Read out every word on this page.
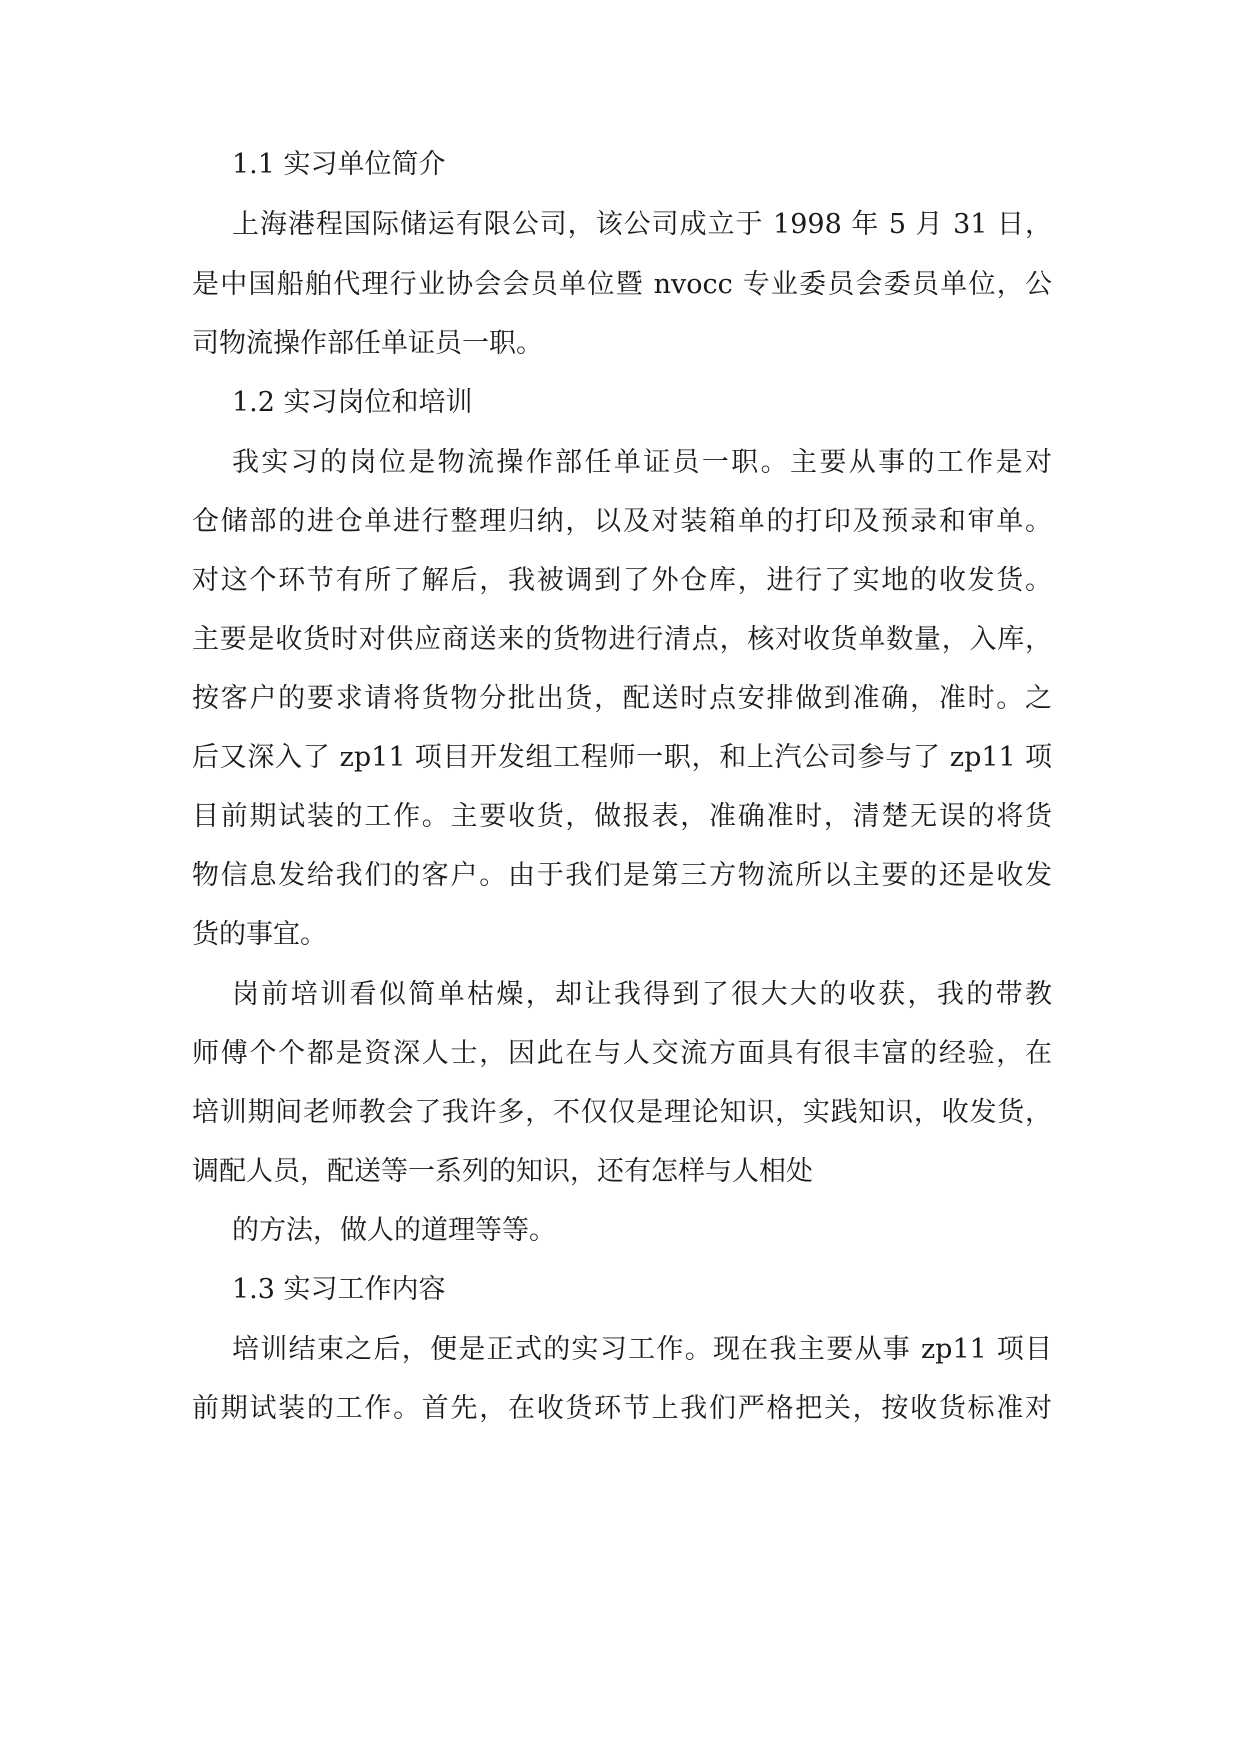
1.1 实习单位简介

上海港程国际储运有限公司，该公司成立于 1998 年 5 月 31 日，

是中国船舶代理行业协会会员单位暨 nvocc 专业委员会委员单位，公

司物流操作部任单证员一职。

1.2 实习岗位和培训

我实习的岗位是物流操作部任单证员一职。主要从事的工作是对

仓储部的进仓单进行整理归纳，以及对装箱单的打印及预录和审单。

对这个环节有所了解后，我被调到了外仓库，进行了实地的收发货。

主要是收货时对供应商送来的货物进行清点，核对收货单数量，入库，

按客户的要求请将货物分批出货，配送时点安排做到准确，准时。之

后又深入了 zp11 项目开发组工程师一职，和上汽公司参与了 zp11 项

目前期试装的工作。主要收货，做报表，准确准时，清楚无误的将货

物信息发给我们的客户。由于我们是第三方物流所以主要的还是收发

货的事宜。

岗前培训看似简单枯燥，却让我得到了很大大的收获，我的带教

师傅个个都是资深人士，因此在与人交流方面具有很丰富的经验，在

培训期间老师教会了我许多，不仅仅是理论知识，实践知识，收发货，

调配人员，配送等一系列的知识，还有怎样与人相处

的方法，做人的道理等等。

1.3 实习工作内容

培训结束之后，便是正式的实习工作。现在我主要从事 zp11 项目

前期试装的工作。首先，在收货环节上我们严格把关，按收货标准对
